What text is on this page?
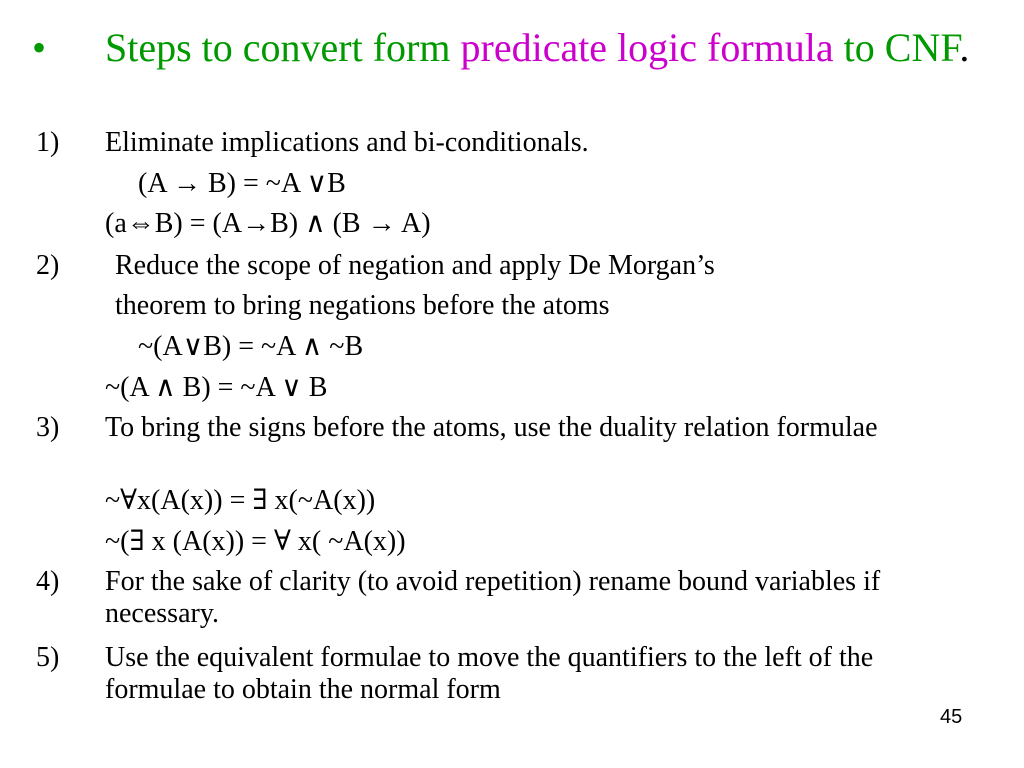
• Steps to convert form predicate logic formula to CNF.
1) Eliminate implications and bi-conditionals.
(A → B) = ~A ∨B
(a⇔B) = (A→B) ∧ (B → A)
2) Reduce the scope of negation and apply De Morgan’s
theorem to bring negations before the atoms
~(A∨B) = ~A ∧ ~B
~(A ∧ B) = ~A ∨ B
3) To bring the signs before the atoms, use the duality relation formulae
~∀x(A(x)) = ∃ x(~A(x))
~(∃ x (A(x)) = ∀ x( ~A(x))
4) For the sake of clarity (to avoid repetition) rename bound variables if necessary.
5) Use the equivalent formulae to move the quantifiers to the left of the formulae to obtain the normal form
45
